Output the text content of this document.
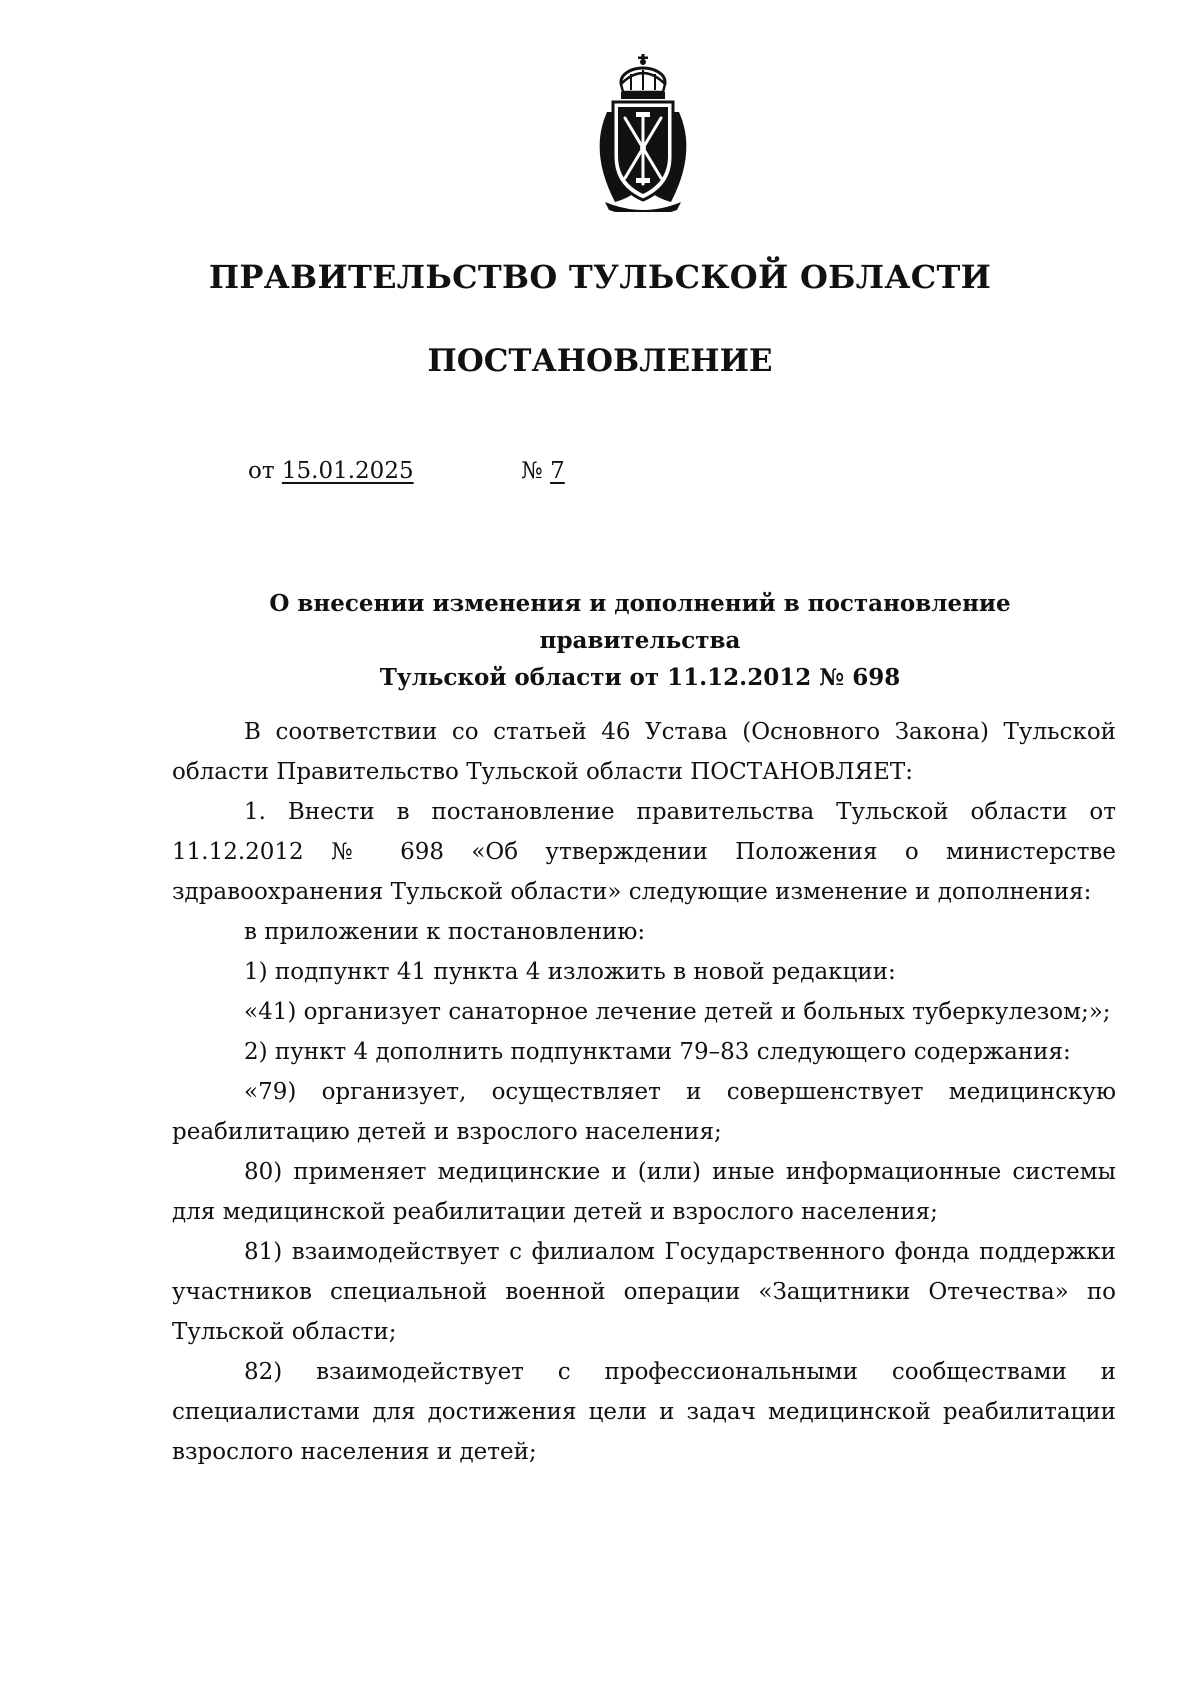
ПРАВИТЕЛЬСТВО ТУЛЬСКОЙ ОБЛАСТИ
ПОСТАНОВЛЕНИЕ
от 15.01.2025	№ 7
О внесении изменения и дополнений в постановление правительства
Тульской области от 11.12.2012 № 698

В соответствии со статьей 46 Устава (Основного Закона) Тульской области Правительство Тульской области ПОСТАНОВЛЯЕТ:

1. Внести в постановление правительства Тульской области от 11.12.2012 № 698 «Об утверждении Положения о министерстве здравоохранения Тульской области» следующие изменение и дополнения:

в приложении к постановлению:

1) подпункт 41 пункта 4 изложить в новой редакции:

«41) организует санаторное лечение детей и больных туберкулезом;»;

2) пункт 4 дополнить подпунктами 79–83 следующего содержания:

«79) организует, осуществляет и совершенствует медицинскую реабилитацию детей и взрослого населения;

80) применяет медицинские и (или) иные информационные системы для медицинской реабилитации детей и взрослого населения;

81) взаимодействует с филиалом Государственного фонда поддержки участников специальной военной операции «Защитники Отечества» по Тульской области;

82) взаимодействует с профессиональными сообществами и специалистами для достижения цели и задач медицинской реабилитации взрослого населения и детей;
